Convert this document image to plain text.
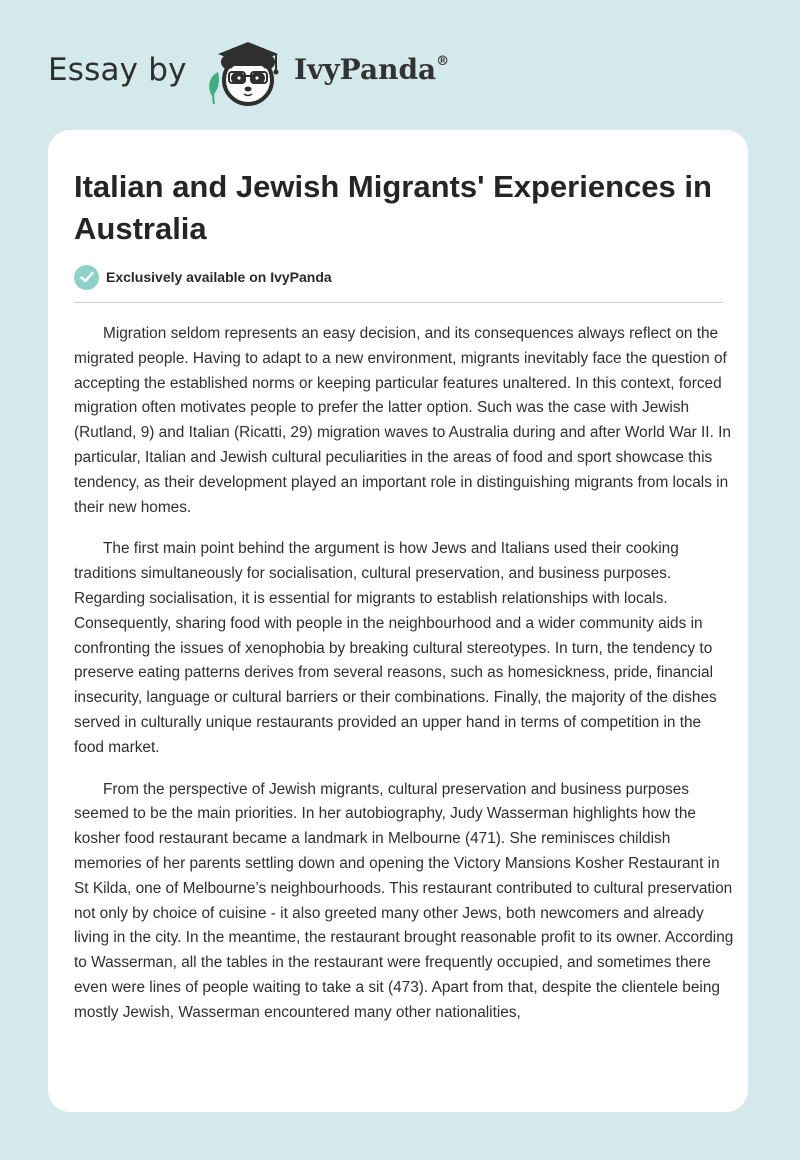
Essay by	IvyPanda®
Italian and Jewish Migrants' Experiences in Australia
Exclusively available on IvyPanda

Migration seldom represents an easy decision, and its consequences always reflect on the migrated people. Having to adapt to a new environment, migrants inevitably face the question of accepting the established norms or keeping particular features unaltered. In this context, forced migration often motivates people to prefer the latter option. Such was the case with Jewish (Rutland, 9) and Italian (Ricatti, 29) migration waves to Australia during and after World War II. In particular, Italian and Jewish cultural peculiarities in the areas of food and sport showcase this tendency, as their development played an important role in distinguishing migrants from locals in their new homes.

The first main point behind the argument is how Jews and Italians used their cooking traditions simultaneously for socialisation, cultural preservation, and business purposes. Regarding socialisation, it is essential for migrants to establish relationships with locals. Consequently, sharing food with people in the neighbourhood and a wider community aids in confronting the issues of xenophobia by breaking cultural stereotypes. In turn, the tendency to preserve eating patterns derives from several reasons, such as homesickness, pride, financial insecurity, language or cultural barriers or their combinations. Finally, the majority of the dishes served in culturally unique restaurants provided an upper hand in terms of competition in the food market.

From the perspective of Jewish migrants, cultural preservation and business purposes seemed to be the main priorities. In her autobiography, Judy Wasserman highlights how the kosher food restaurant became a landmark in Melbourne (471). She reminisces childish memories of her parents settling down and opening the Victory Mansions Kosher Restaurant in St Kilda, one of Melbourne’s neighbourhoods. This restaurant contributed to cultural preservation not only by choice of cuisine - it also greeted many other Jews, both newcomers and already living in the city. In the meantime, the restaurant brought reasonable profit to its owner. According to Wasserman, all the tables in the restaurant were frequently occupied, and sometimes there even were lines of people waiting to take a sit (473). Apart from that, despite the clientele being mostly Jewish, Wasserman encountered many other nationalities,
